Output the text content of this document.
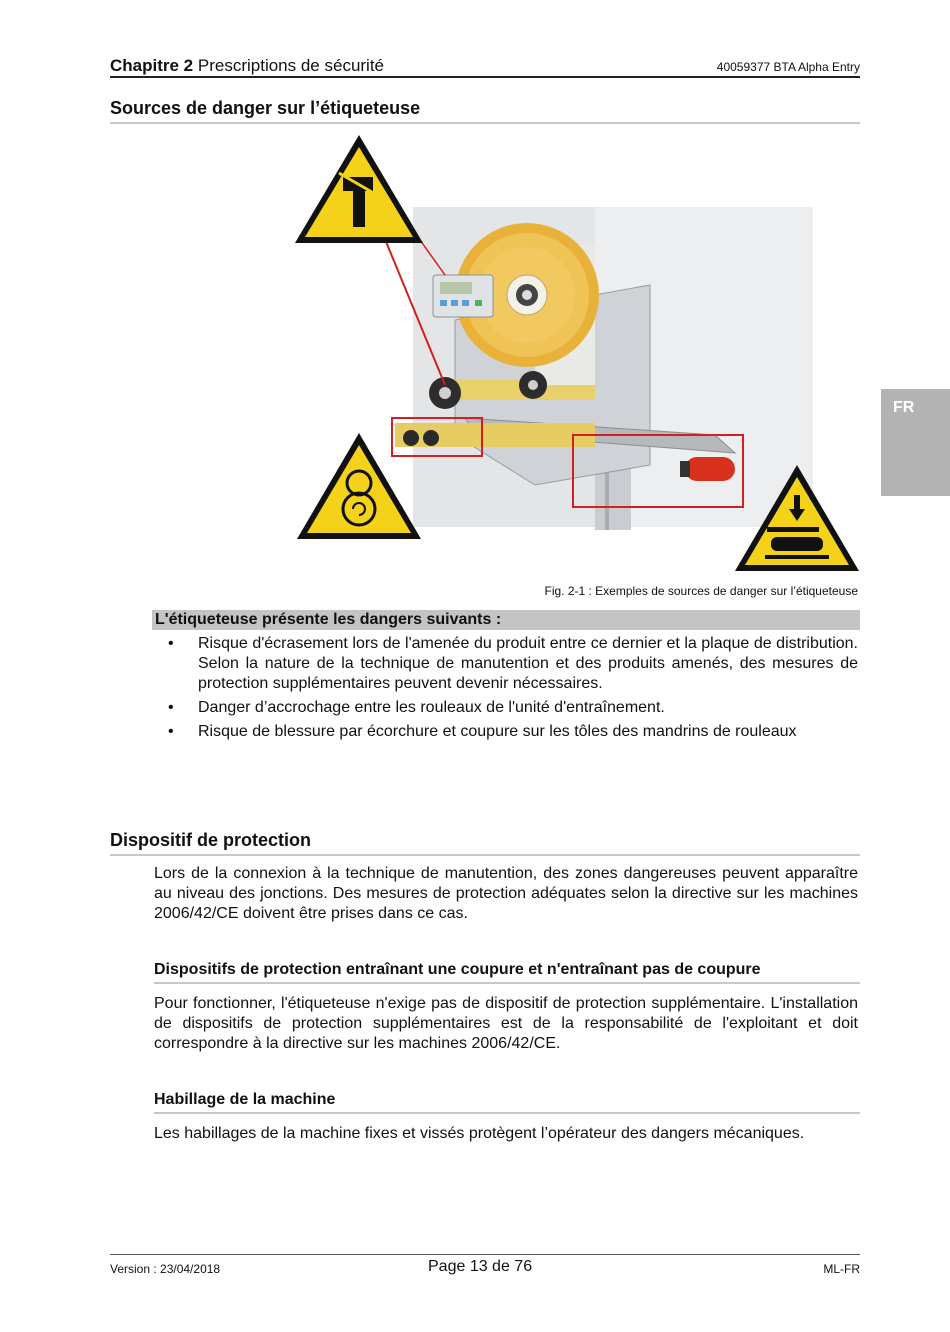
Chapitre 2 Prescriptions de sécurité	40059377 BTA Alpha Entry
Sources de danger sur l’étiqueteuse
Fig. 2-1 : Exemples de sources de danger sur l’étiqueteuse
L'étiqueteuse présente les dangers suivants :
• Risque d'écrasement lors de l'amenée du produit entre ce dernier et la plaque de distribution. Selon la nature de la technique de manutention et des produits amenés, des mesures de protection supplémentaires peuvent devenir nécessaires.
• Danger d’accrochage entre les rouleaux de l'unité d'entraînement.
• Risque de blessure par écorchure et coupure sur les tôles des mandrins de rouleaux
Dispositif de protection
Lors de la connexion à la technique de manutention, des zones dangereuses peuvent apparaître au niveau des jonctions. Des mesures de protection adéquates selon la directive sur les machines 2006/42/CE doivent être prises dans ce cas.
Dispositifs de protection entraînant une coupure et n'entraînant pas de coupure
Pour fonctionner, l'étiqueteuse n'exige pas de dispositif de protection supplémentaire. L'installation de dispositifs de protection supplémentaires est de la responsabilité de l'exploitant et doit correspondre à la directive sur les machines 2006/42/CE.
Habillage de la machine
Les habillages de la machine fixes et vissés protègent l’opérateur des dangers mécaniques.
FR
Version : 23/04/2018	Page 13 de 76	ML-FR
